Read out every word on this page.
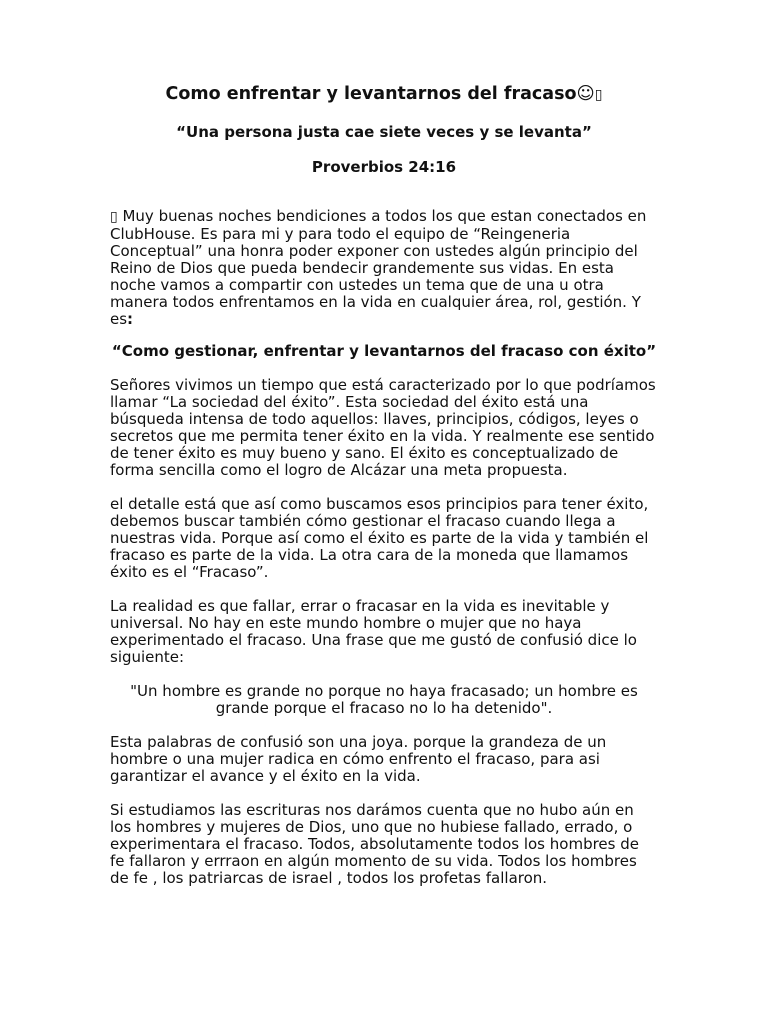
Como enfrentar y levantarnos del fracaso☺▯
“Una persona justa cae siete veces y se levanta”
Proverbios 24:16

▯ Muy buenas noches bendiciones a todos los que estan conectados en ClubHouse. Es para mi y para todo el equipo de “Reingeneria Conceptual” una honra poder exponer con ustedes algún principio del Reino de Dios que pueda bendecir grandemente sus vidas. En esta noche vamos a compartir con ustedes un tema que de una u otra manera todos enfrentamos en la vida en cualquier área, rol, gestión. Y es:

“Como gestionar, enfrentar y levantarnos del fracaso con éxito”

Señores vivimos un tiempo que está caracterizado por lo que podríamos llamar “La sociedad del éxito”. Esta sociedad del éxito está una búsqueda intensa de todo aquellos: llaves, principios, códigos, leyes o secretos que me permita tener éxito en la vida. Y realmente ese sentido de tener éxito es muy bueno y sano. El éxito es conceptualizado de forma sencilla como el logro de Alcázar una meta propuesta.

el detalle está que así como buscamos esos principios para tener éxito, debemos buscar también cómo gestionar el fracaso cuando llega a nuestras vida. Porque así como el éxito es parte de la vida y también el fracaso es parte de la vida. La otra cara de la moneda que llamamos éxito es el “Fracaso”.

La realidad es que fallar, errar o fracasar en la vida es inevitable y universal. No hay en este mundo hombre o mujer que no haya experimentado el fracaso. Una frase que me gustó de confusió dice lo siguiente:

"Un hombre es grande no porque no haya fracasado; un hombre es grande porque el fracaso no lo ha detenido".

Esta palabras de confusió son una joya. porque la grandeza de un hombre o una mujer radica en cómo enfrento el fracaso, para asi garantizar el avance y el éxito en la vida.

Si estudiamos las escrituras nos darámos cuenta que no hubo aún en los hombres y mujeres de Dios, uno que no hubiese fallado, errado, o experimentara el fracaso. Todos, absolutamente todos los hombres de fe fallaron y errraon en algún momento de su vida. Todos los hombres de fe , los patriarcas de israel , todos los profetas fallaron.
